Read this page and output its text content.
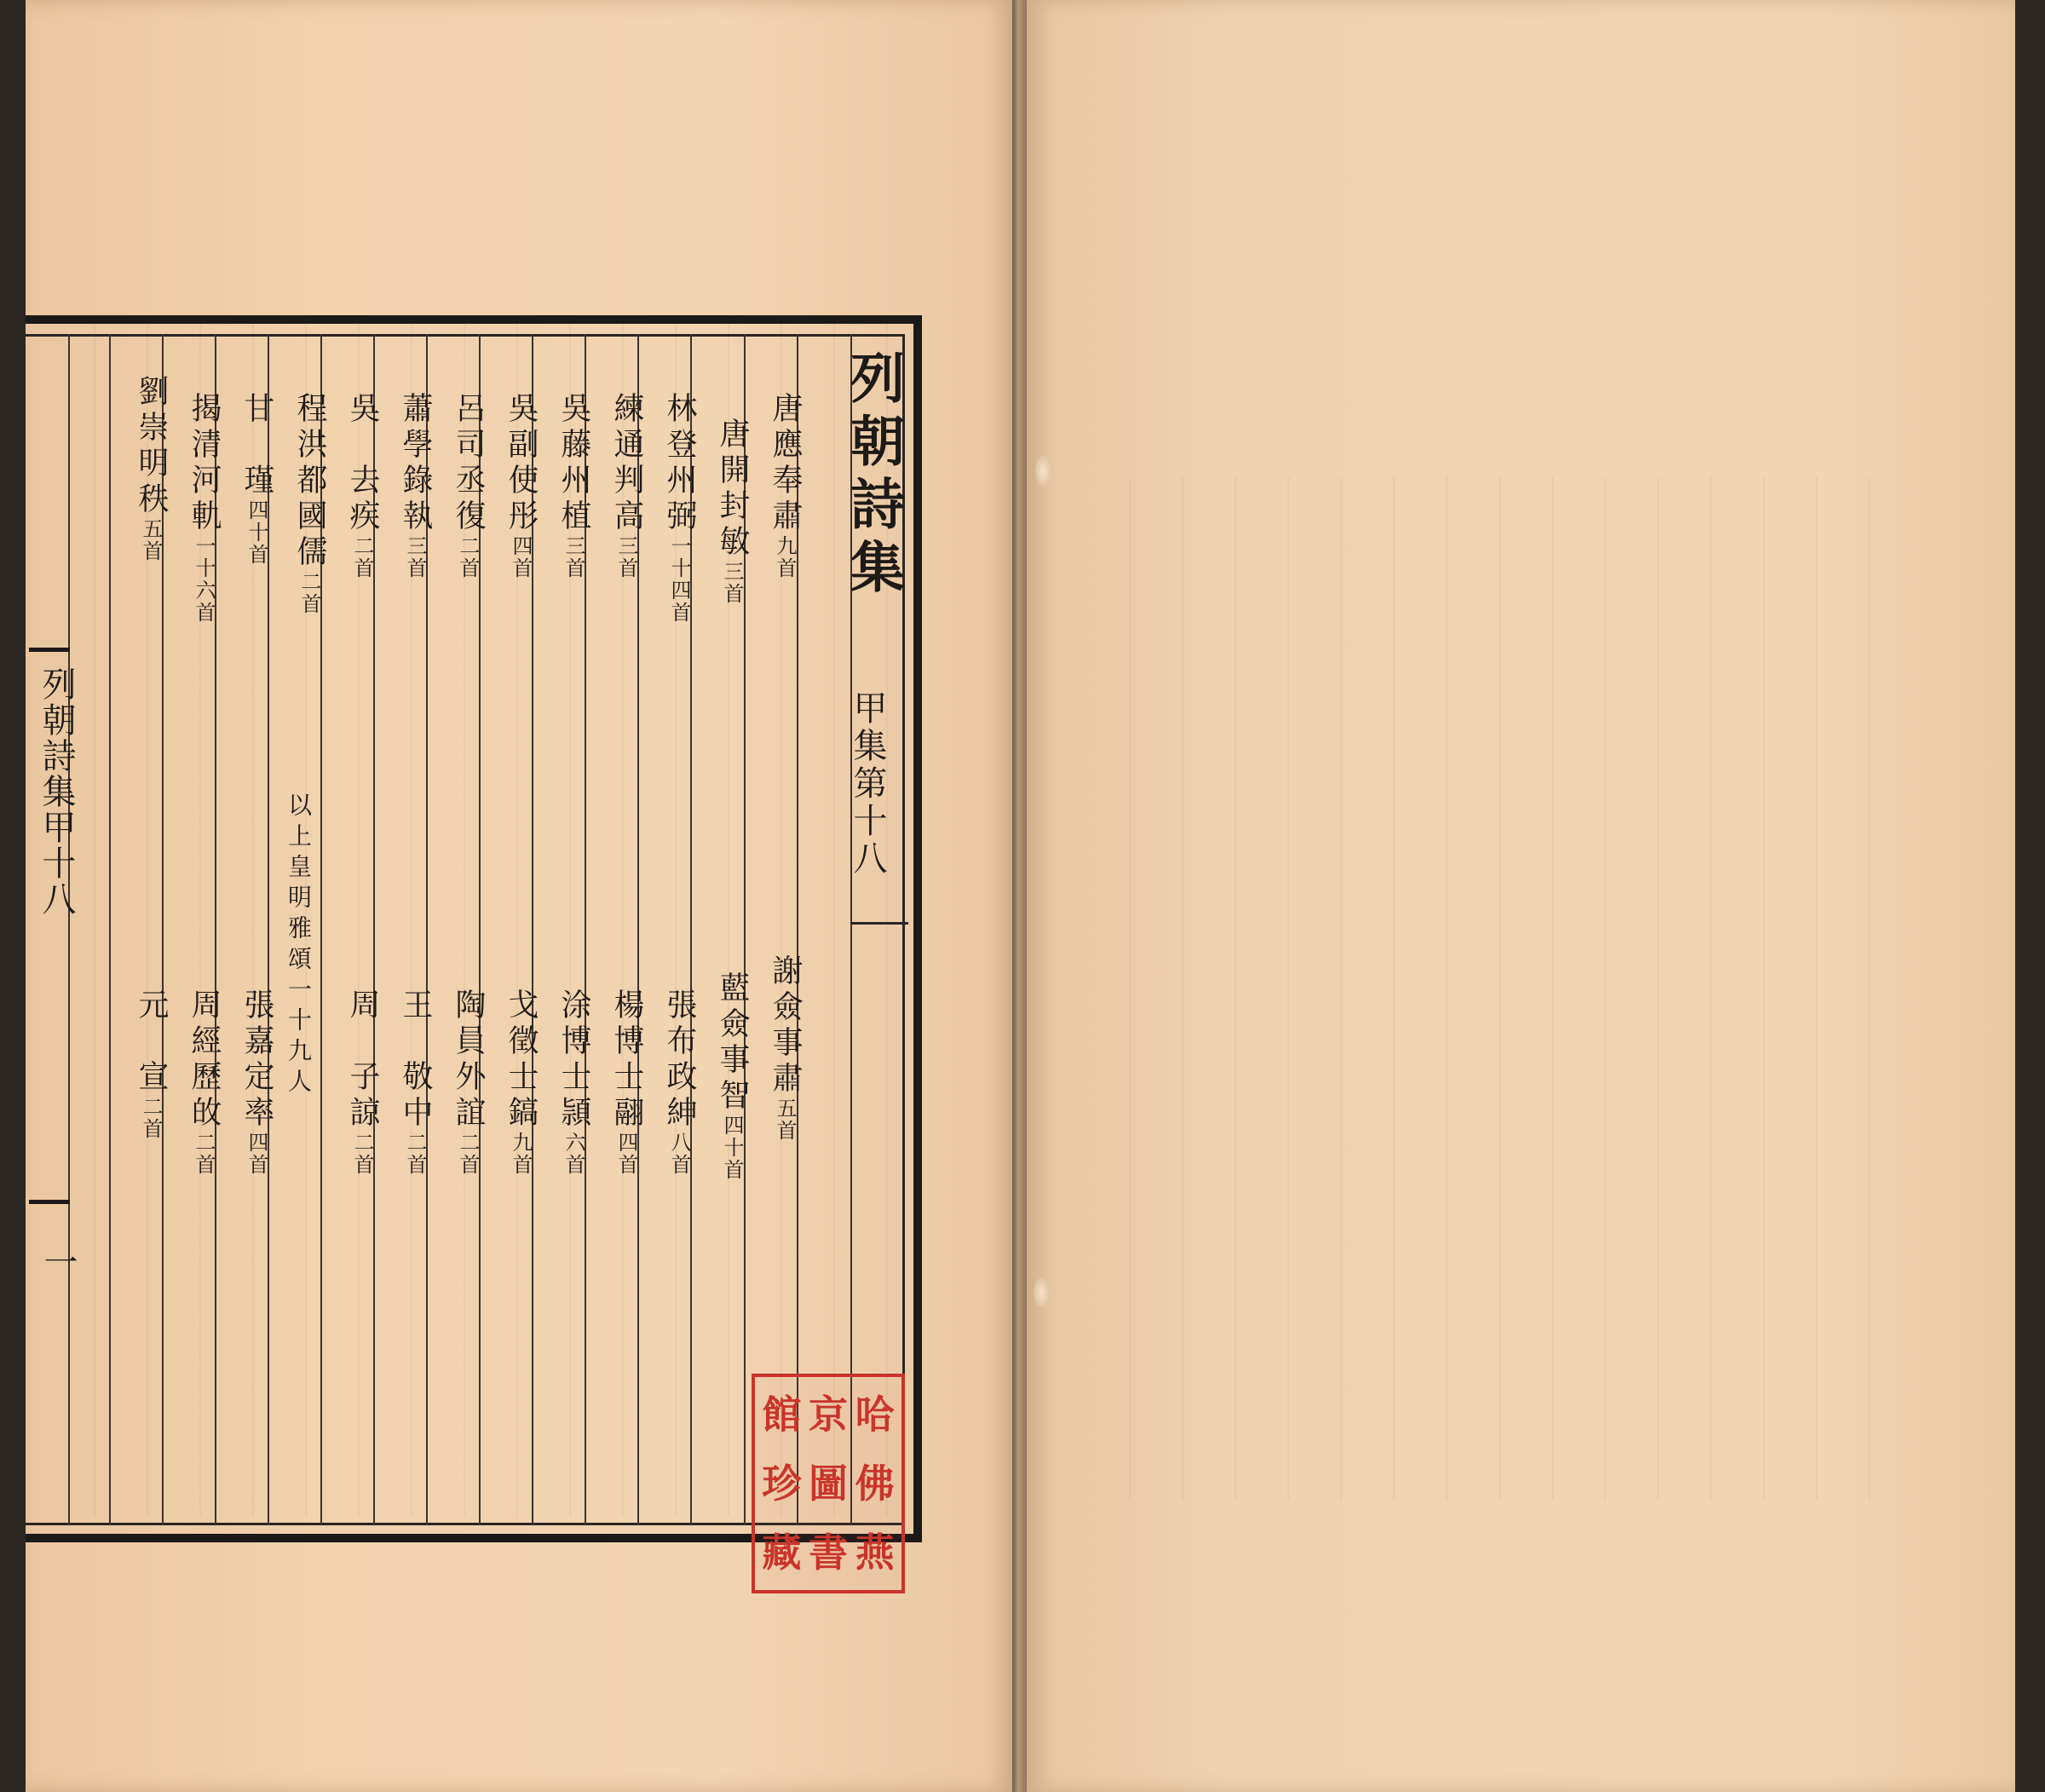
列朝詩集
甲集第十八
唐應奉肅
九首
唐開封敏
三首
林登州弼
一十四首
練通判高
三首
吳藤州植
三首
吳副使彤
四首
呂司丞復
二首
蕭學錄執
三首
吳　去疾
二首
程洪都國儒
二首
甘　瑾
四十首
揭清河軌
一十六首
劉崇明秩
五首
謝僉事肅
五首
藍僉事智
四十首
張布政紳
八首
楊博士翮
四首
涂博士頴
六首
戈徵士鎬
九首
陶員外誼
二首
王　敬中
二首
周　子諒
二首
張嘉定率
四首
周經歷敀
二首
元　宣
二首
以上皇明雅頌一十九人
列朝詩集甲十八
一
哈
佛
燕
京
圖
書
館
珍
藏
